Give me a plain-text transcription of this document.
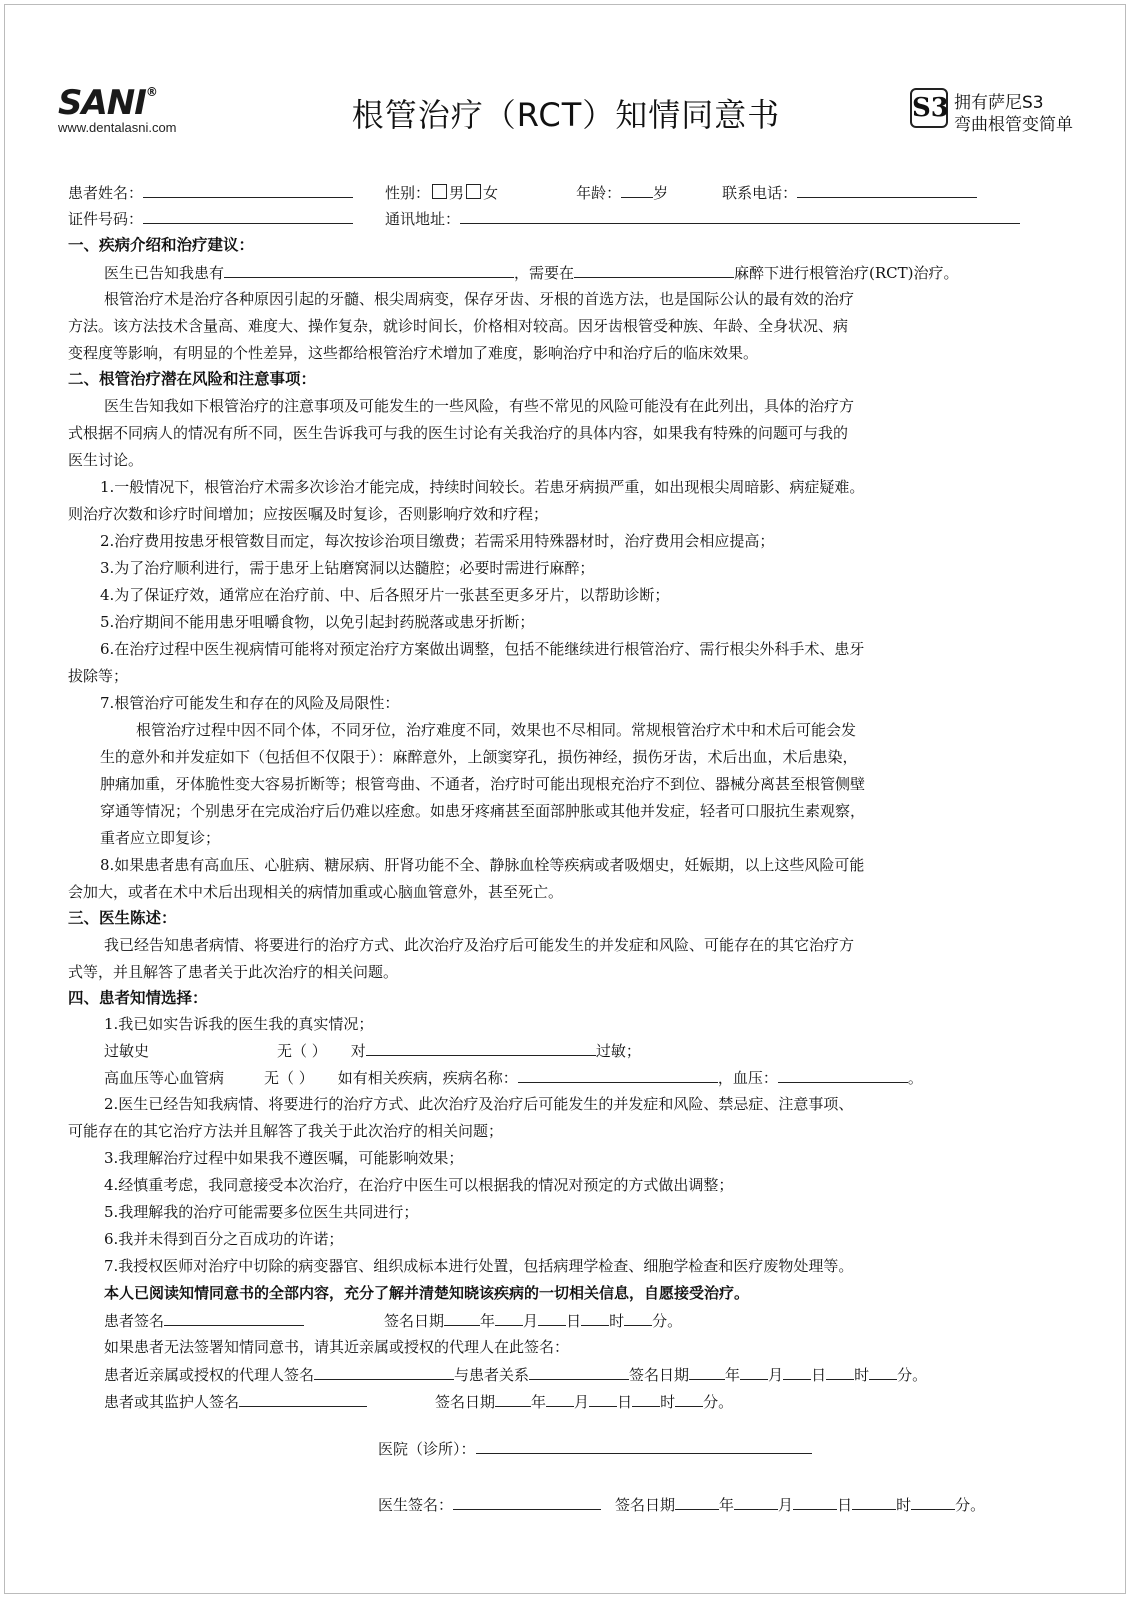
SANI®
www.dentalasni.com	根管治疗（RCT）知情同意书	S3 拥有萨尼S3
弯曲根管变简单
患者姓名：	性别： 男 女	年龄： 岁	联系电话：
证件号码：	通讯地址：
一、疾病介绍和治疗建议：
医生已告知我患有	，需要在	麻醉下进行根管治疗(RCT)治疗。
根管治疗术是治疗各种原因引起的牙髓、根尖周病变，保存牙齿、牙根的首选方法，也是国际公认的最有效的治疗
方法。该方法技术含量高、难度大、操作复杂，就诊时间长，价格相对较高。因牙齿根管受种族、年龄、全身状况、病
变程度等影响，有明显的个性差异，这些都给根管治疗术增加了难度，影响治疗中和治疗后的临床效果。
二、根管治疗潜在风险和注意事项：
医生告知我如下根管治疗的注意事项及可能发生的一些风险，有些不常见的风险可能没有在此列出，具体的治疗方
式根据不同病人的情况有所不同，医生告诉我可与我的医生讨论有关我治疗的具体内容，如果我有特殊的问题可与我的
医生讨论。
1.一般情况下，根管治疗术需多次诊治才能完成，持续时间较长。若患牙病损严重，如出现根尖周暗影、病症疑难。
则治疗次数和诊疗时间增加；应按医嘱及时复诊，否则影响疗效和疗程；
2.治疗费用按患牙根管数目而定，每次按诊治项目缴费；若需采用特殊器材时，治疗费用会相应提高；
3.为了治疗顺利进行，需于患牙上钻磨窝洞以达髓腔；必要时需进行麻醉；
4.为了保证疗效，通常应在治疗前、中、后各照牙片一张甚至更多牙片，以帮助诊断；
5.治疗期间不能用患牙咀嚼食物，以免引起封药脱落或患牙折断；
6.在治疗过程中医生视病情可能将对预定治疗方案做出调整，包括不能继续进行根管治疗、需行根尖外科手术、患牙
拔除等；
7.根管治疗可能发生和存在的风险及局限性：
根管治疗过程中因不同个体，不同牙位，治疗难度不同，效果也不尽相同。常规根管治疗术中和术后可能会发
生的意外和并发症如下（包括但不仅限于）：麻醉意外，上颌窦穿孔，损伤神经，损伤牙齿，术后出血，术后患染，
肿痛加重，牙体脆性变大容易折断等；根管弯曲、不通者，治疗时可能出现根充治疗不到位、器械分离甚至根管侧壁
穿通等情况；个别患牙在完成治疗后仍难以痊愈。如患牙疼痛甚至面部肿胀或其他并发症，轻者可口服抗生素观察，
重者应立即复诊；
8.如果患者患有高血压、心脏病、糖尿病、肝肾功能不全、静脉血栓等疾病或者吸烟史，妊娠期，以上这些风险可能
会加大，或者在术中术后出现相关的病情加重或心脑血管意外，甚至死亡。
三、医生陈述：
我已经告知患者病情、将要进行的治疗方式、此次治疗及治疗后可能发生的并发症和风险、可能存在的其它治疗方
式等，并且解答了患者关于此次治疗的相关问题。
四、患者知情选择：
1.我已如实告诉我的医生我的真实情况；
过敏史	无（ ） 对	过敏；
高血压等心血管病	无（ ） 如有相关疾病，疾病名称：	，血压：	。
2.医生已经告知我病情、将要进行的治疗方式、此次治疗及治疗后可能发生的并发症和风险、禁忌症、注意事项、
可能存在的其它治疗方法并且解答了我关于此次治疗的相关问题；
3.我理解治疗过程中如果我不遵医嘱，可能影响效果；
4.经慎重考虑，我同意接受本次治疗，在治疗中医生可以根据我的情况对预定的方式做出调整；
5.我理解我的治疗可能需要多位医生共同进行；
6.我并未得到百分之百成功的许诺；
7.我授权医师对治疗中切除的病变器官、组织成标本进行处置，包括病理学检查、细胞学检查和医疗废物处理等。
本人已阅读知情同意书的全部内容，充分了解并清楚知晓该疾病的一切相关信息，自愿接受治疗。
患者签名	签名日期 年 月 日 时 分。
如果患者无法签署知情同意书，请其近亲属或授权的代理人在此签名：
患者近亲属或授权的代理人签名	与患者关系	签名日期 年 月 日 时 分。
患者或其监护人签名	签名日期 年 月 日 时 分。
医院（诊所）：
医生签名：	签名日期	年	月	日	时	分。
